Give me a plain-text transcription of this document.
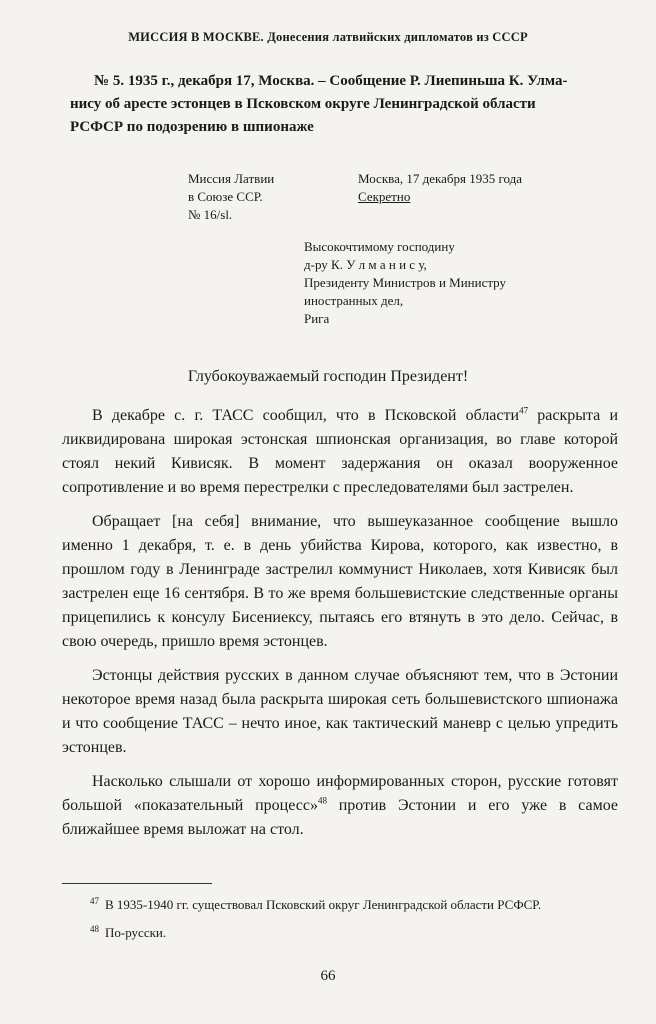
МИССИЯ В МОСКВЕ. Донесения латвийских дипломатов из СССР
№ 5. 1935 г., декабря 17, Москва. – Сообщение Р. Лиепиньша К. Улма-
нису об аресте эстонцев в Псковском округе Ленинградской области
РСФСР по подозрению в шпионаже
Миссия Латвии
в Союзе ССР.
№ 16/sl.
Москва, 17 декабря 1935 года
Секретно
Высокочтимому господину
д-ру К. У л м а н и с у,
Президенту Министров и Министру
иностранных дел,
Рига
Глубокоуважаемый господин Президент!

В декабре с. г. ТАСС сообщил, что в Псковской области$^{47}$ раскрыта и ликвидирована широкая эстонская шпионская организация, во главе которой стоял некий Кивисяк. В момент задержания он оказал вооруженное сопротивление и во время перестрелки с преследователями был застрелен.

Обращает [на себя] внимание, что вышеуказанное сообщение вышло именно 1 декабря, т. е. в день убийства Кирова, которого, как известно, в прошлом году в Ленинграде застрелил коммунист Николаев, хотя Кивисяк был застрелен еще 16 сентября. В то же время большевистские следственные органы прицепились к консулу Бисениексу, пытаясь его втянуть в это дело. Сейчас, в свою очередь, пришло время эстонцев.

Эстонцы действия русских в данном случае объясняют тем, что в Эстонии некоторое время назад была раскрыта широкая сеть большевистского шпионажа и что сообщение ТАСС – нечто иное, как тактический маневр с целью упредить эстонцев.

Насколько слышали от хорошо информированных сторон, русские готовят большой «показательный процесс»$^{48}$ против Эстонии и его уже в самое ближайшее время выложат на стол.

$^{47}$ В 1935-1940 гг. существовал Псковский округ Ленинградской области РСФСР.

$^{48}$ По-русски.

66
